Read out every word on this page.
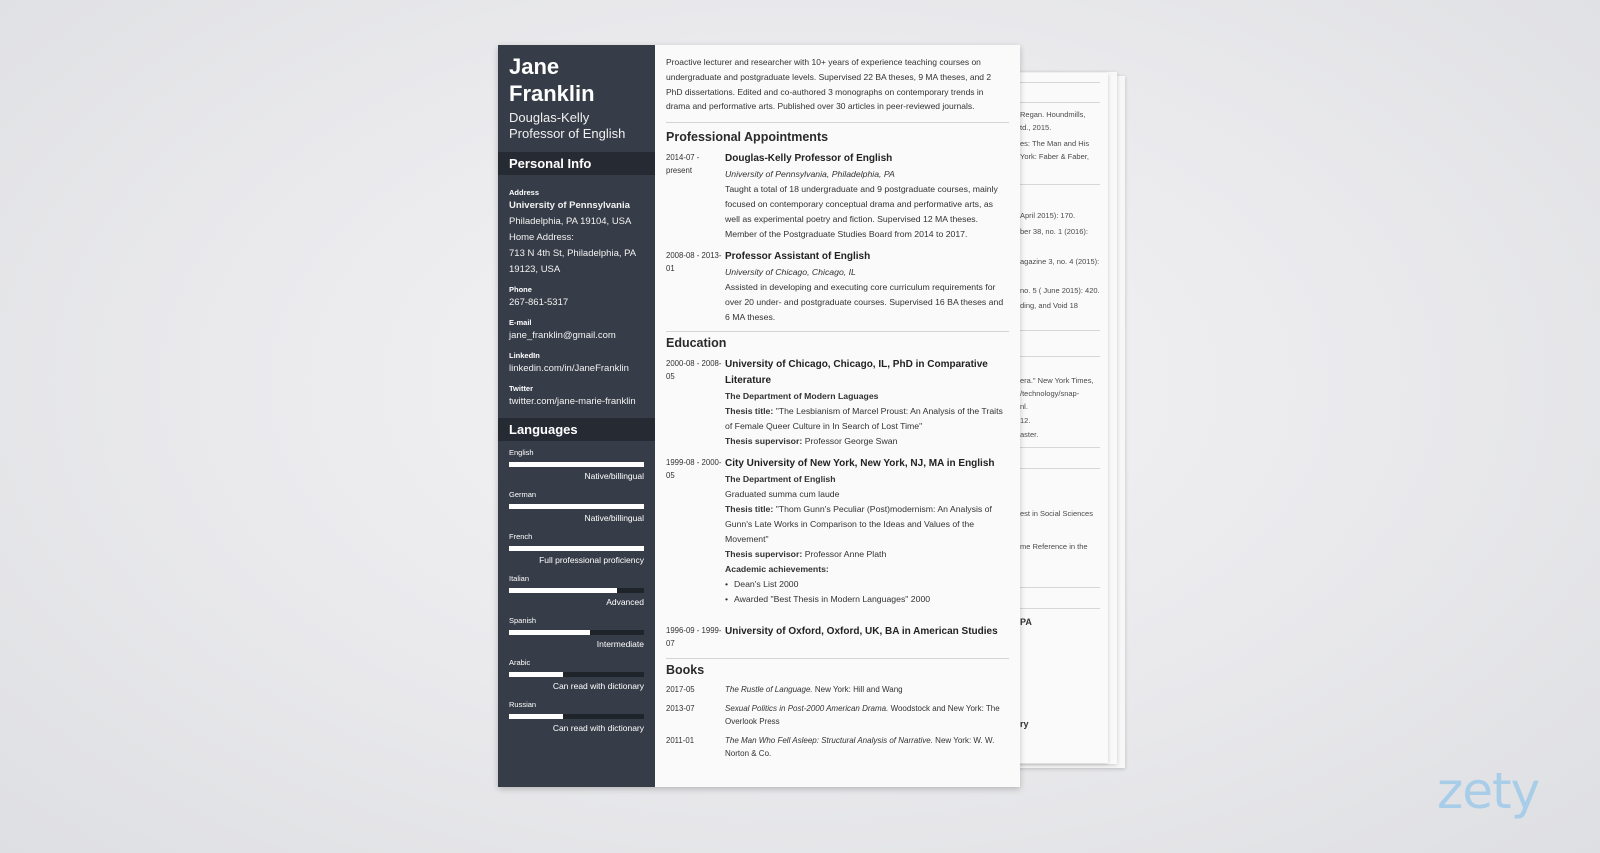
Regan. Houndmills,
td., 2015.
es: The Man and His
York: Faber & Faber,
April 2015): 170.
ber 38, no. 1 (2016):
agazine 3, no. 4 (2015):
no. 5 ( June 2015): 420.
ding, and Void 18
era." New York Times,
/technology/snap-
nl.
12.
aster.
est in Social Sciences
me Reference in the
PA
ry
Jane Franklin
Douglas-Kelly Professor of English
Personal Info
Address
University of Pennsylvania
Philadelphia, PA 19104, USA
Home Address:
713 N 4th St, Philadelphia, PA 19123, USA
Phone
267-861-5317
E-mail
jane_franklin@gmail.com
LinkedIn
linkedin.com/in/JaneFranklin
Twitter
twitter.com/jane-marie-franklin
Languages
English
Native/billingual
German
Native/billingual
French
Full professional proficiency
Italian
Advanced
Spanish
Intermediate
Arabic
Can read with dictionary
Russian
Can read with dictionary
Proactive lecturer and researcher with 10+ years of experience teaching courses on undergraduate and postgraduate levels. Supervised 22 BA theses, 9 MA theses, and 2 PhD dissertations. Edited and co-authored 3 monographs on contemporary trends in drama and performative arts. Published over 30 articles in peer-reviewed journals.
Professional Appointments
2014-07 - present
Douglas-Kelly Professor of English
University of Pennsylvania, Philadelphia, PA
Taught a total of 18 undergraduate and 9 postgraduate courses, mainly focused on contemporary conceptual drama and performative arts, as well as experimental poetry and fiction. Supervised 12 MA theses. Member of the Postgraduate Studies Board from 2014 to 2017.
2008-08 - 2013-01
Professor Assistant of English
University of Chicago, Chicago, IL
Assisted in developing and executing core curriculum requirements for over 20 under- and postgraduate courses. Supervised 16 BA theses and 6 MA theses.
Education
2000-08 - 2008-05
University of Chicago, Chicago, IL, PhD in Comparative Literature
The Department of Modern Laguages
Thesis title: "The Lesbianism of Marcel Proust: An Analysis of the Traits of Female Queer Culture in In Search of Lost Time"
Thesis supervisor: Professor George Swan
1999-08 - 2000-05
City University of New York, New York, NJ, MA in English
The Department of English
Graduated summa cum laude
Thesis title: "Thom Gunn's Peculiar (Post)modernism: An Analysis of Gunn's Late Works in Comparison to the Ideas and Values of the Movement"
Thesis supervisor: Professor Anne Plath
Academic achievements:
• Dean's List 2000
• Awarded "Best Thesis in Modern Languages" 2000
1996-09 - 1999-07
University of Oxford, Oxford, UK, BA in American Studies
Books
2017-05	The Rustle of Language. New York: Hill and Wang
2013-07	Sexual Politics in Post-2000 American Drama. Woodstock and New York: The Overlook Press
2011-01	The Man Who Fell Asleep: Structural Analysis of Narrative. New York: W. W. Norton & Co.
zety
